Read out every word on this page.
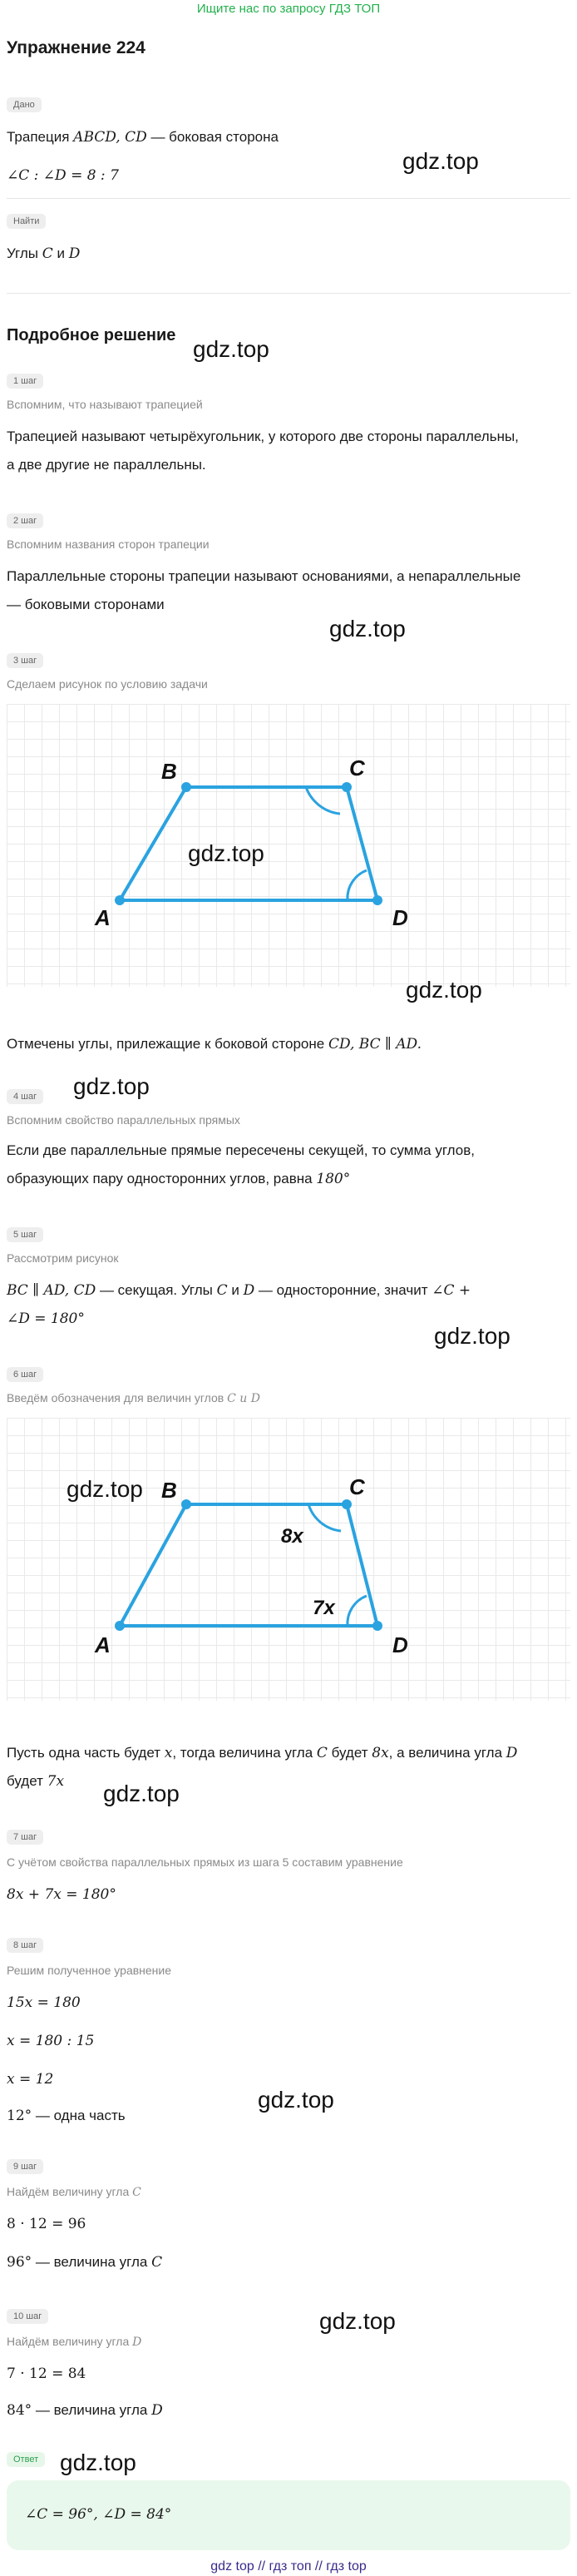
Ищите нас по запросу ГДЗ ТОП
Упражнение 224
Дано
Трапеция ABCD, CD — боковая сторона
∠C : ∠D = 8 : 7
Найти
Углы C и D
Подробное решение
1 шаг
Вспомним, что называют трапецией
Трапецией называют четырёхугольник, у которого две стороны параллельны,
а две другие не параллельны.
2 шаг
Вспомним названия сторон трапеции
Параллельные стороны трапеции называют основаниями, а непараллельные
— боковыми сторонами
3 шаг
Сделаем рисунок по условию задачи
A
B	C
D
Отмечены углы, прилежащие к боковой стороне CD, BC ∥ AD.
4 шаг
Вспомним свойство параллельных прямых
Если две параллельные прямые пересечены секущей, то сумма углов,
образующих пару односторонних углов, равна 180°
5 шаг
Рассмотрим рисунок
BC ∥ AD, CD — секущая. Углы C и D — односторонние, значит ∠C +
∠D = 180°
6 шаг
Введём обозначения для величин углов C и D
A
B	C
D
8x
7x
Пусть одна часть будет x, тогда величина угла C будет 8x, а величина угла D
будет 7x
7 шаг
С учётом свойства параллельных прямых из шага 5 составим уравнение
8x + 7x = 180°
8 шаг
Решим полученное уравнение
15x = 180
x = 180 : 15
x = 12
12° — одна часть
9 шаг
Найдём величину угла C
8 · 12 = 96
96° — величина угла C
10 шаг
Найдём величину угла D
7 · 12 = 84
84° — величина угла D
Ответ
∠C = 96°, ∠D = 84°
gdz.top
gdz.top
gdz.top
gdz.top
gdz.top
gdz.top
gdz.top
gdz.top
gdz.top
gdz.top
gdz.top
gdz.top
gdz top // гдз топ // гдз top
